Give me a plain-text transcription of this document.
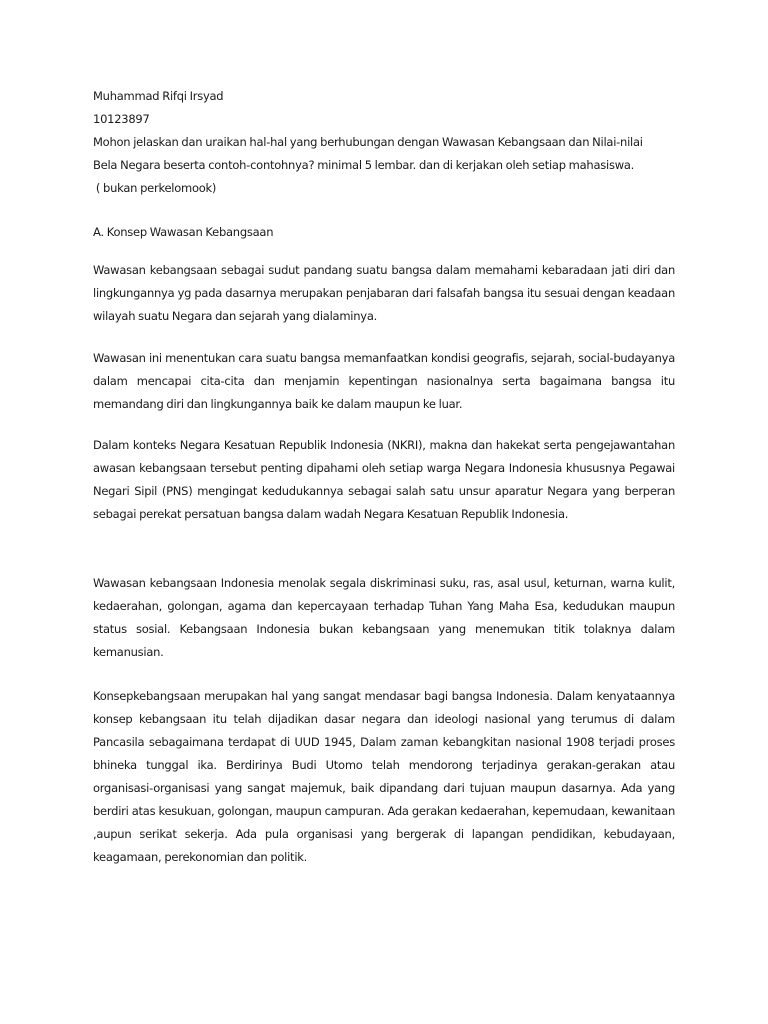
Muhammad Rifqi Irsyad
10123897
Mohon jelaskan dan uraikan hal-hal yang berhubungan dengan Wawasan Kebangsaan dan Nilai-nilai
Bela Negara beserta contoh-contohnya? minimal 5 lembar. dan di kerjakan oleh setiap mahasiswa.
( bukan perkelomook)

A. Konsep Wawasan Kebangsaan

Wawasan kebangsaan sebagai sudut pandang suatu bangsa dalam memahami kebaradaan jati diri dan lingkungannya yg pada dasarnya merupakan penjabaran dari falsafah bangsa itu sesuai dengan keadaan wilayah suatu Negara dan sejarah yang dialaminya.

Wawasan ini menentukan cara suatu bangsa memanfaatkan kondisi geografis, sejarah, social-budayanya dalam mencapai cita-cita dan menjamin kepentingan nasionalnya serta bagaimana bangsa itu memandang diri dan lingkungannya baik ke dalam maupun ke luar.

Dalam konteks Negara Kesatuan Republik Indonesia (NKRI), makna dan hakekat serta pengejawantahan awasan kebangsaan tersebut penting dipahami oleh setiap warga Negara Indonesia khususnya Pegawai Negari Sipil (PNS) mengingat kedudukannya sebagai salah satu unsur aparatur Negara yang berperan sebagai perekat persatuan bangsa dalam wadah Negara Kesatuan Republik Indonesia.

Wawasan kebangsaan Indonesia menolak segala diskriminasi suku, ras, asal usul, keturnan, warna kulit, kedaerahan, golongan, agama dan kepercayaan terhadap Tuhan Yang Maha Esa, kedudukan maupun status sosial. Kebangsaan Indonesia bukan kebangsaan yang menemukan titik tolaknya dalam kemanusian.

Konsepkebangsaan merupakan hal yang sangat mendasar bagi bangsa Indonesia. Dalam kenyataannya konsep kebangsaan itu telah dijadikan dasar negara dan ideologi nasional yang terumus di dalam Pancasila sebagaimana terdapat di UUD 1945, Dalam zaman kebangkitan nasional 1908 terjadi proses bhineka tunggal ika. Berdirinya Budi Utomo telah mendorong terjadinya gerakan-gerakan atau organisasi-organisasi yang sangat majemuk, baik dipandang dari tujuan maupun dasarnya. Ada yang berdiri atas kesukuan, golongan, maupun campuran. Ada gerakan kedaerahan, kepemudaan, kewanitaan ,aupun serikat sekerja. Ada pula organisasi yang bergerak di lapangan pendidikan, kebudayaan, keagamaan, perekonomian dan politik.
